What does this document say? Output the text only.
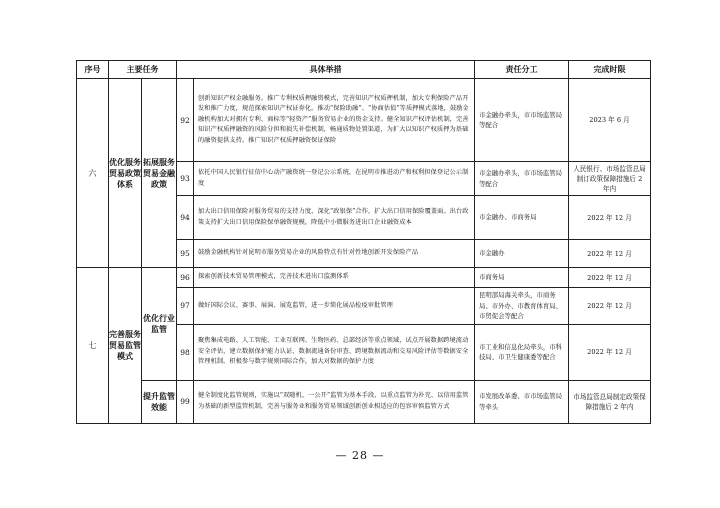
序号	主要任务		具体举措		责任分工	完成时限
六	优化服务贸易政策体系	拓展服务贸易金融政策	92	创新知识产权金融服务。推广专利权质押融资模式，完善知识产权质押机制，加大专利保险产品开发和推广力度，规范探索知识产权证券化。推动“保险助融”、“协商估值”等质押模式落地，鼓励金融机构加大对拥有专利、商标等“轻资产”服务贸易企业的资金支持。健全知识产权评估机制，完善知识产权质押融资的风险分担和损失补偿机制，畅通质物处置渠道，为扩大以知识产权质押为基础的融资提供支持。推广知识产权质押融资保证保险	市金融办牵头，市市场监管局等配合	2023 年 6 月
			93	依托中国人民银行征信中心动产融资统一登记公示系统，在昆明市推进动产和权利担保登记公示制度	市金融办牵头，市市场监管局等配合	人民银行、市场监管总局制订政策保障措施后 2 年内
			94	加大出口信用保险对服务贸易的支持力度，深化“政银保”合作，扩大出口信用保险覆盖面。出台政策支持扩大出口信用保险保单融资规模，降低中小微服务进出口企业融资成本	市金融办、市商务局	2022 年 12 月
			95	鼓励金融机构针对昆明市服务贸易企业的风险特点有针对性地创新开发保险产品	市金融办	2022 年 12 月
七	完善服务贸易监管模式	优化行业监管	96	探索创新技术贸易管理模式，完善技术进出口监测体系	市商务局	2022 年 12 月
			97	做好国际会议、赛事、展演、展览监管，进一步简化展品检疫审批管理	昆明部局海关牵头，市商务局、市外办、市教育体育局、市贸促会等配合	2022 年 12 月
			98	聚焦集成电路、人工智能、工业互联网、生物医药、总部经济等重点领域，试点开展数据跨境流动安全评估，建立数据保护能力认证、数据流通备份审查、跨境数据流动和交易风险评估等数据安全管理机制。积极参与数字规则国际合作，加大对数据的保护力度	市工业和信息化局牵头，市科技局、市卫生健康委等配合	2022 年 12 月
		提升监管效能	99	健全制度化监管规则，实施以“双随机、一公开”监管为基本手段、以重点监管为补充、以信用监管为基础的新型监管机制，完善与服务业和服务贸易领域创新创业相适应的包容审慎监管方式	市发展改革委、市市场监管局等牵头	市场监管总局制定政策保障措施后 2 年内
— 28 —
